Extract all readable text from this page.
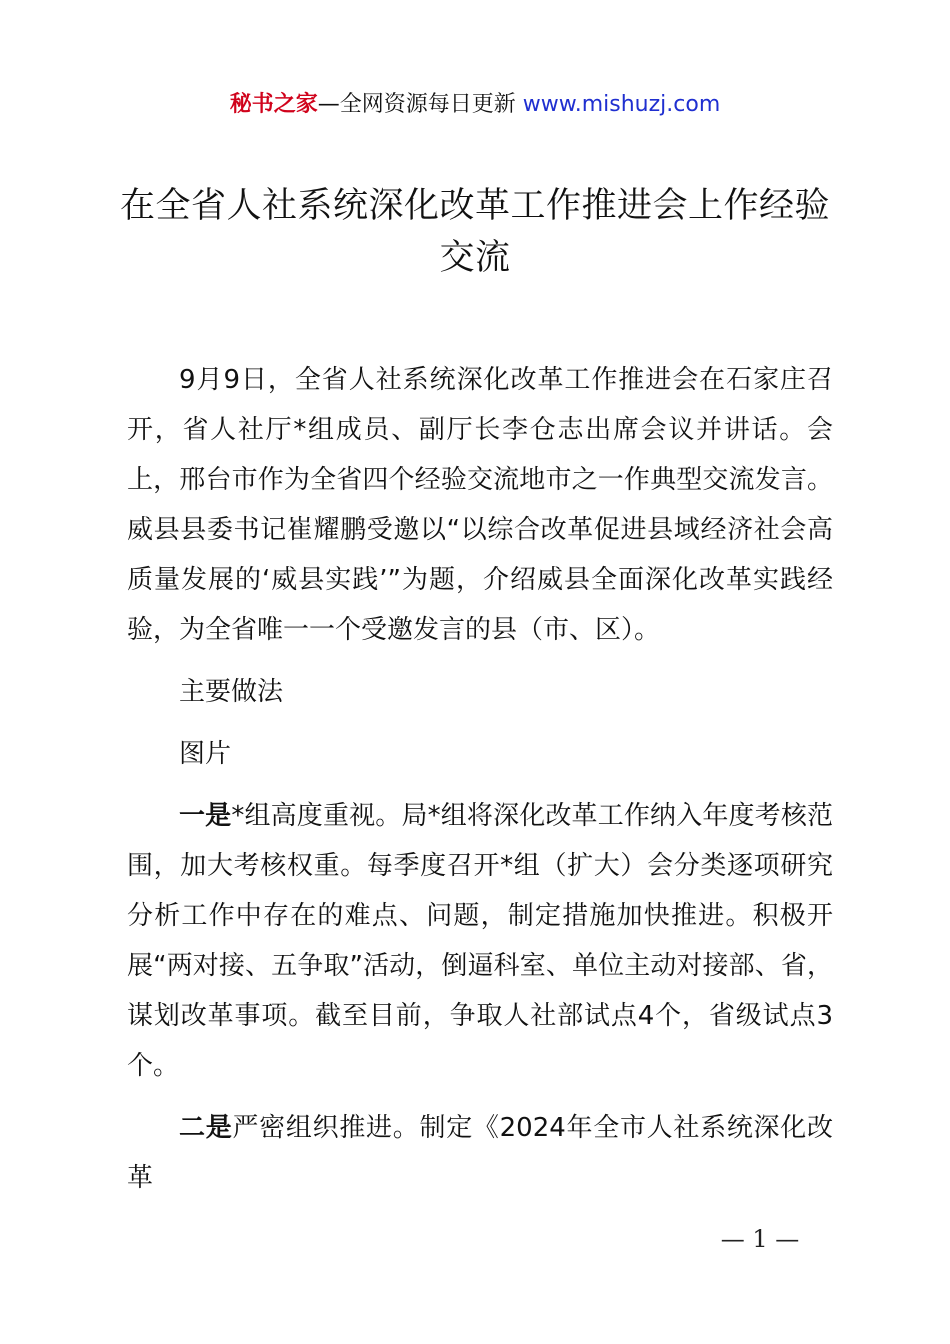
秘书之家—全网资源每日更新 www.mishuzj.com
在全省人社系统深化改革工作推进会上作经验交流

9月9日，全省人社系统深化改革工作推进会在石家庄召开，省人社厅*组成员、副厅长李仓志出席会议并讲话。会上，邢台市作为全省四个经验交流地市之一作典型交流发言。威县县委书记崔耀鹏受邀以“以综合改革促进县域经济社会高质量发展的‘威县实践’”为题，介绍威县全面深化改革实践经验，为全省唯一一个受邀发言的县（市、区）。

主要做法

图片

一是*组高度重视。局*组将深化改革工作纳入年度考核范围，加大考核权重。每季度召开*组（扩大）会分类逐项研究分析工作中存在的难点、问题，制定措施加快推进。积极开展“两对接、五争取”活动，倒逼科室、单位主动对接部、省，谋划改革事项。截至目前，争取人社部试点4个，省级试点3个。

二是严密组织推进。制定《2024年全市人社系统深化改革

— 1 —
